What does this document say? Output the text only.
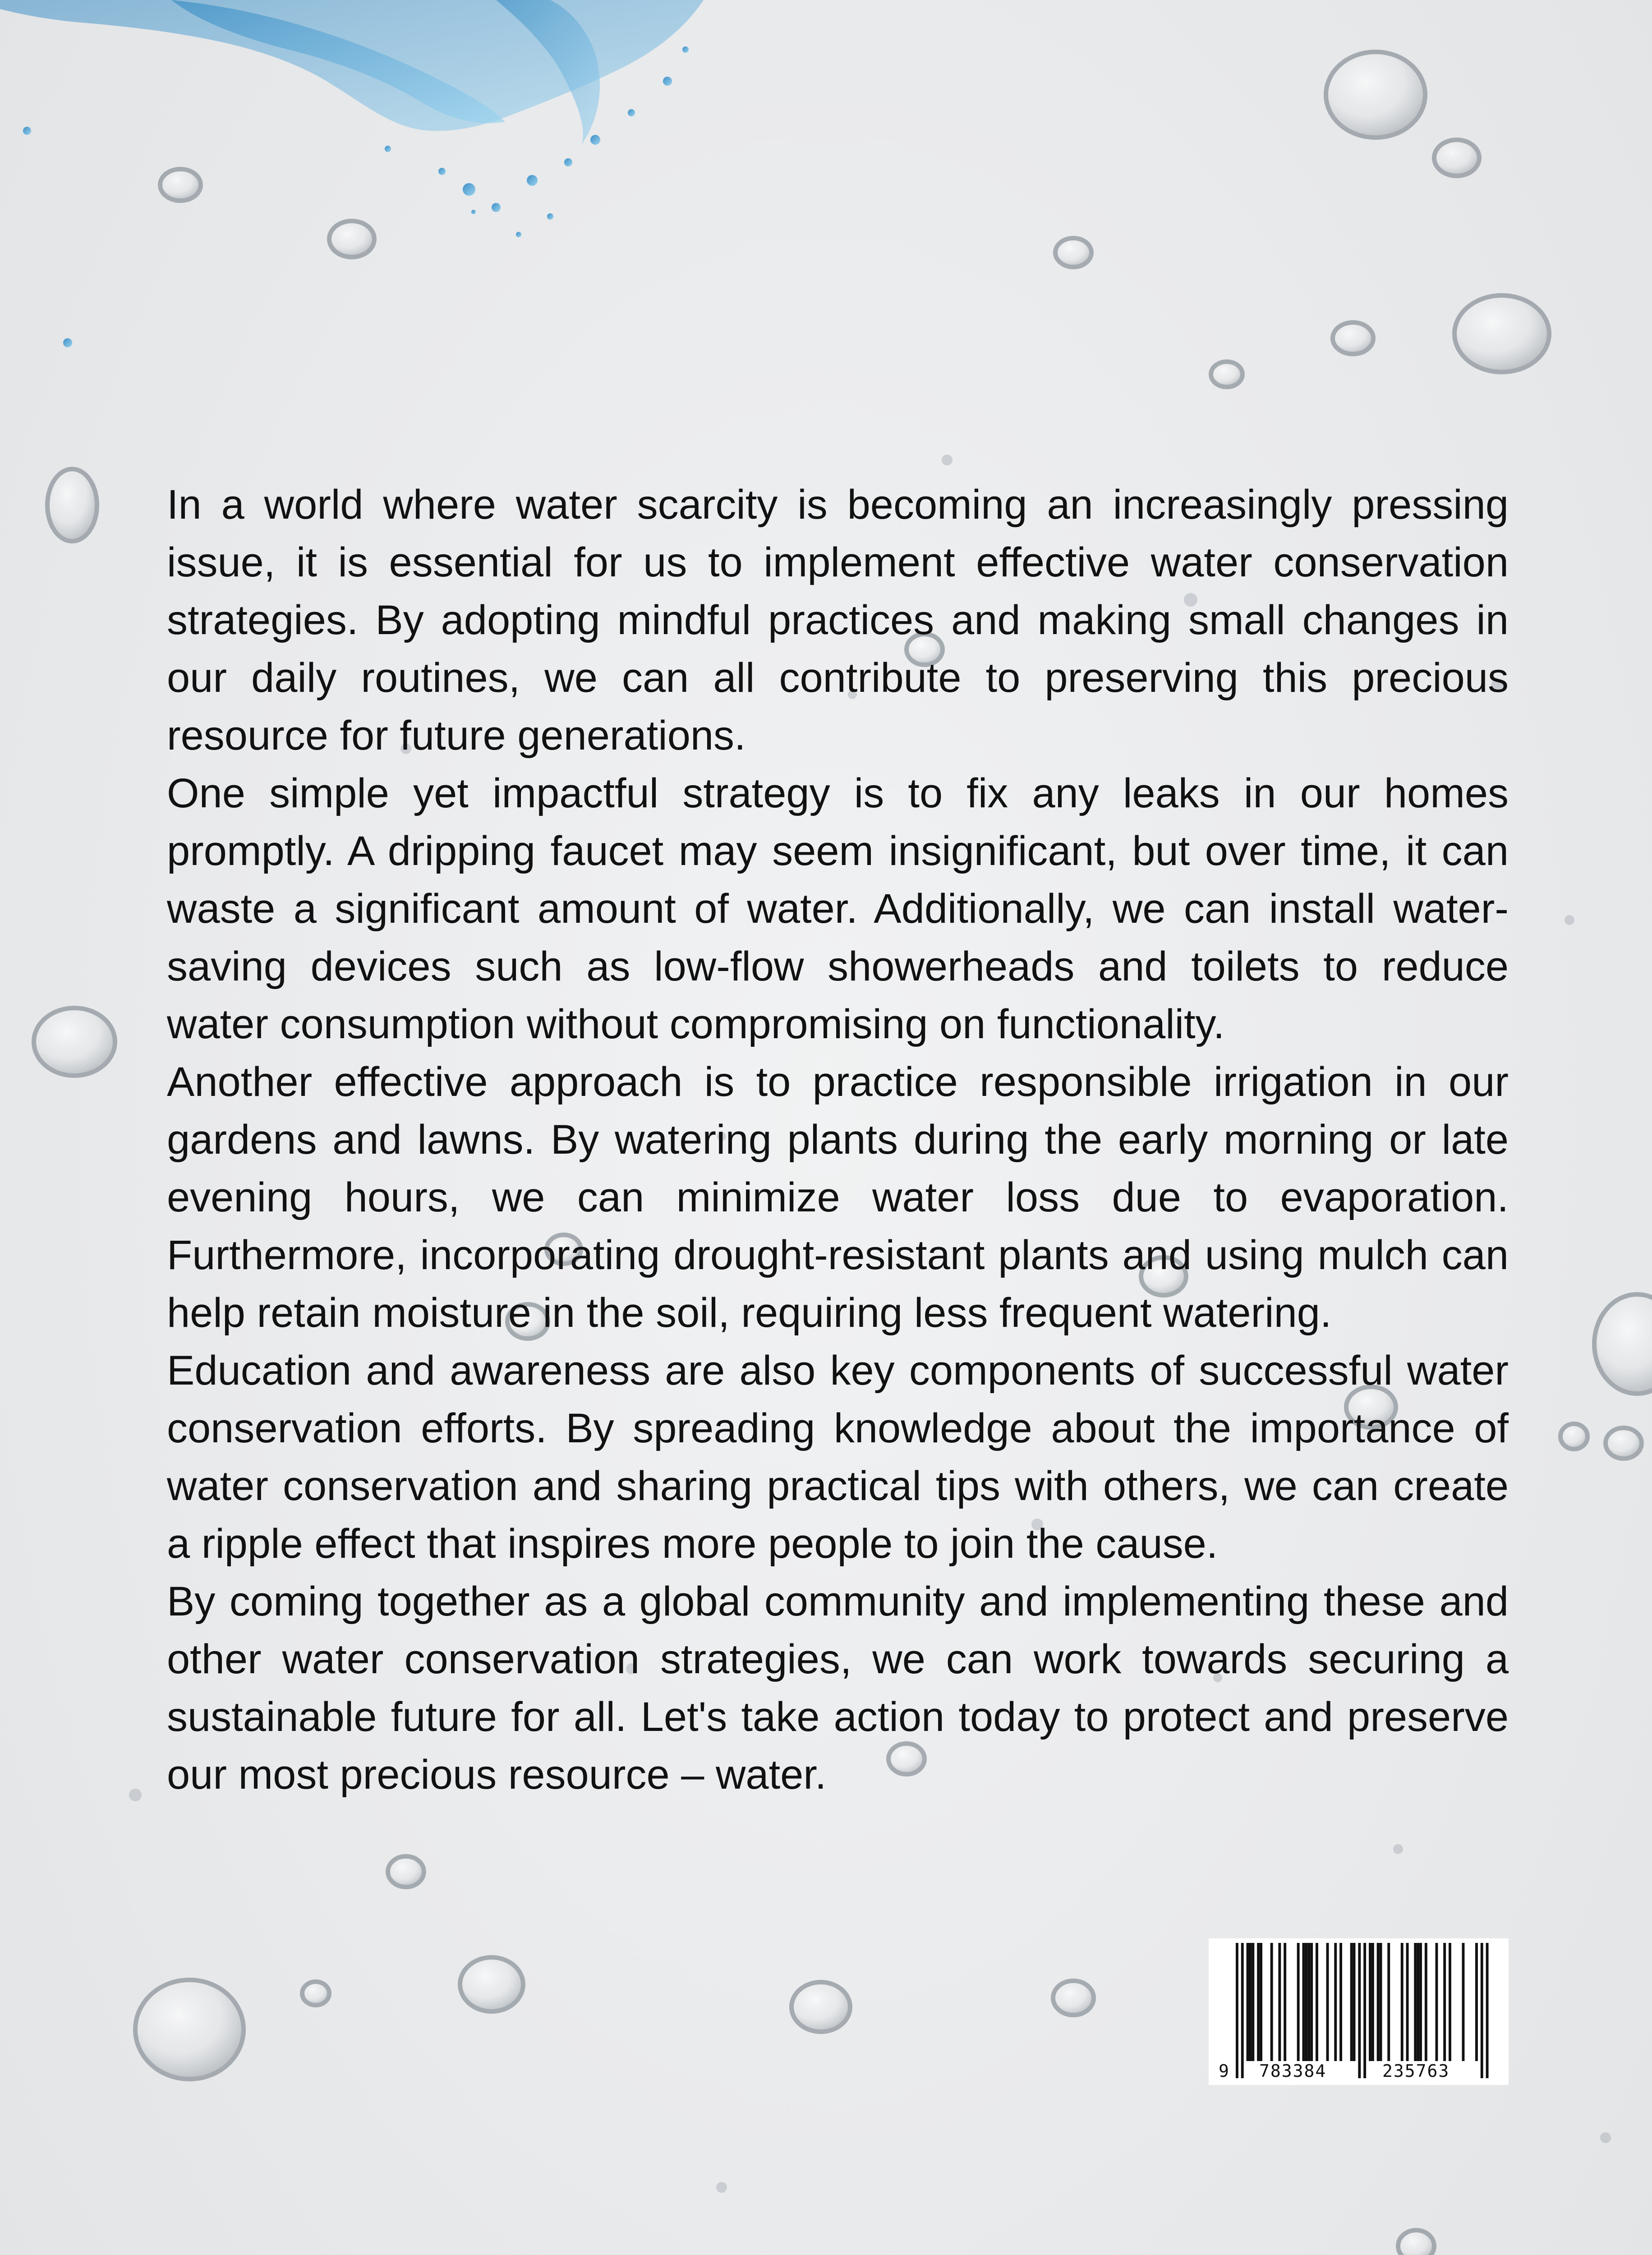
In a world where water scarcity is becoming an increasingly pressing issue, it is essential for us to implement effective water conservation strategies. By adopting mindful practices and making small changes in our daily routines, we can all contribute to preserving this precious resource for future generations.

One simple yet impactful strategy is to fix any leaks in our homes promptly. A dripping faucet may seem insignificant, but over time, it can waste a significant amount of water. Additionally, we can install water-saving devices such as low-flow showerheads and toilets to reduce water consumption without compromising on functionality.

Another effective approach is to practice responsible irrigation in our gardens and lawns. By watering plants during the early morning or late evening hours, we can minimize water loss due to evaporation. Furthermore, incorporating drought-resistant plants and using mulch can help retain moisture in the soil, requiring less frequent watering.

Education and awareness are also key components of successful water conservation efforts. By spreading knowledge about the importance of water conservation and sharing practical tips with others, we can create a ripple effect that inspires more people to join the cause.

By coming together as a global community and implementing these and other water conservation strategies, we can work towards securing a sustainable future for all. Let's take action today to protect and preserve our most precious resource – water.

9 783384	235763
